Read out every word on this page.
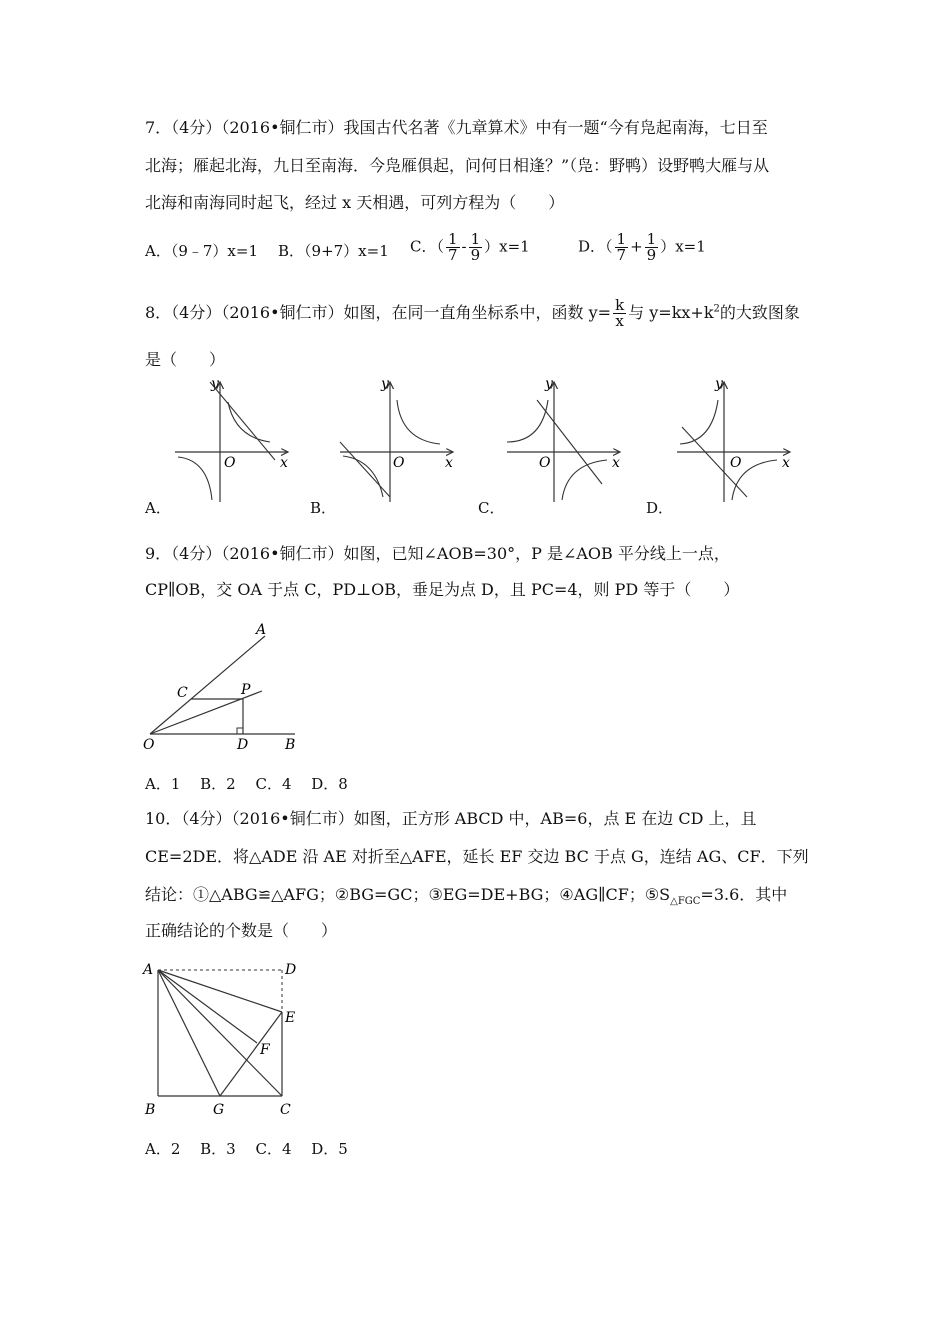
7．（4分）（2016•铜仁市）我国古代名著《九章算术》中有一题“今有凫起南海，七日至
北海；雁起北海，九日至南海．今凫雁俱起，问何日相逢？”（凫：野鸭）设野鸭大雁与从
北海和南海同时起飞，经过 x 天相遇，可列方程为（　　）
A．（9﹣7）x=1 B．（9+7）x=1 C．（ $\frac{1}{7} - \frac{1}{9} )x=1$	D．（ $\frac{1}{7} + \frac{1}{9} )x=1$
8．（4分）（2016•铜仁市）如图，在同一直角坐标系中，函数 $y= \frac{k}{x}$ 与 $y=kx+k^2$的大致图象
是（　　）
y
x
O
A．
y
x
O
B．
y
x
O
C．
y
x
O
D．
9．（4分）（2016•铜仁市）如图，已知∠AOB=30°，P 是∠AOB 平分线上一点，
CP∥OB，交 OA 于点 C，PD⊥OB，垂足为点 D，且 PC=4，则 PD 等于（　　）
A
C	P
O	D	B
A．1　 B．2　 C．4　 D．8
10．（4分）（2016•铜仁市）如图，正方形 ABCD 中，AB=6，点 E 在边 CD 上，且
CE=2DE．将△ADE 沿 AE 对折至△AFE，延长 EF 交边 BC 于点 G，连结 AG、CF．下列
结论：①△ABG≌△AFG；②BG=GC；③EG=DE+BG；④AG∥CF；$⑤S_{\triangle FGC}=3.6$．其中
正确结论的个数是（　　）
A	D
E
F
B	G	C
A．2　 B．3　 C．4　 D．5
